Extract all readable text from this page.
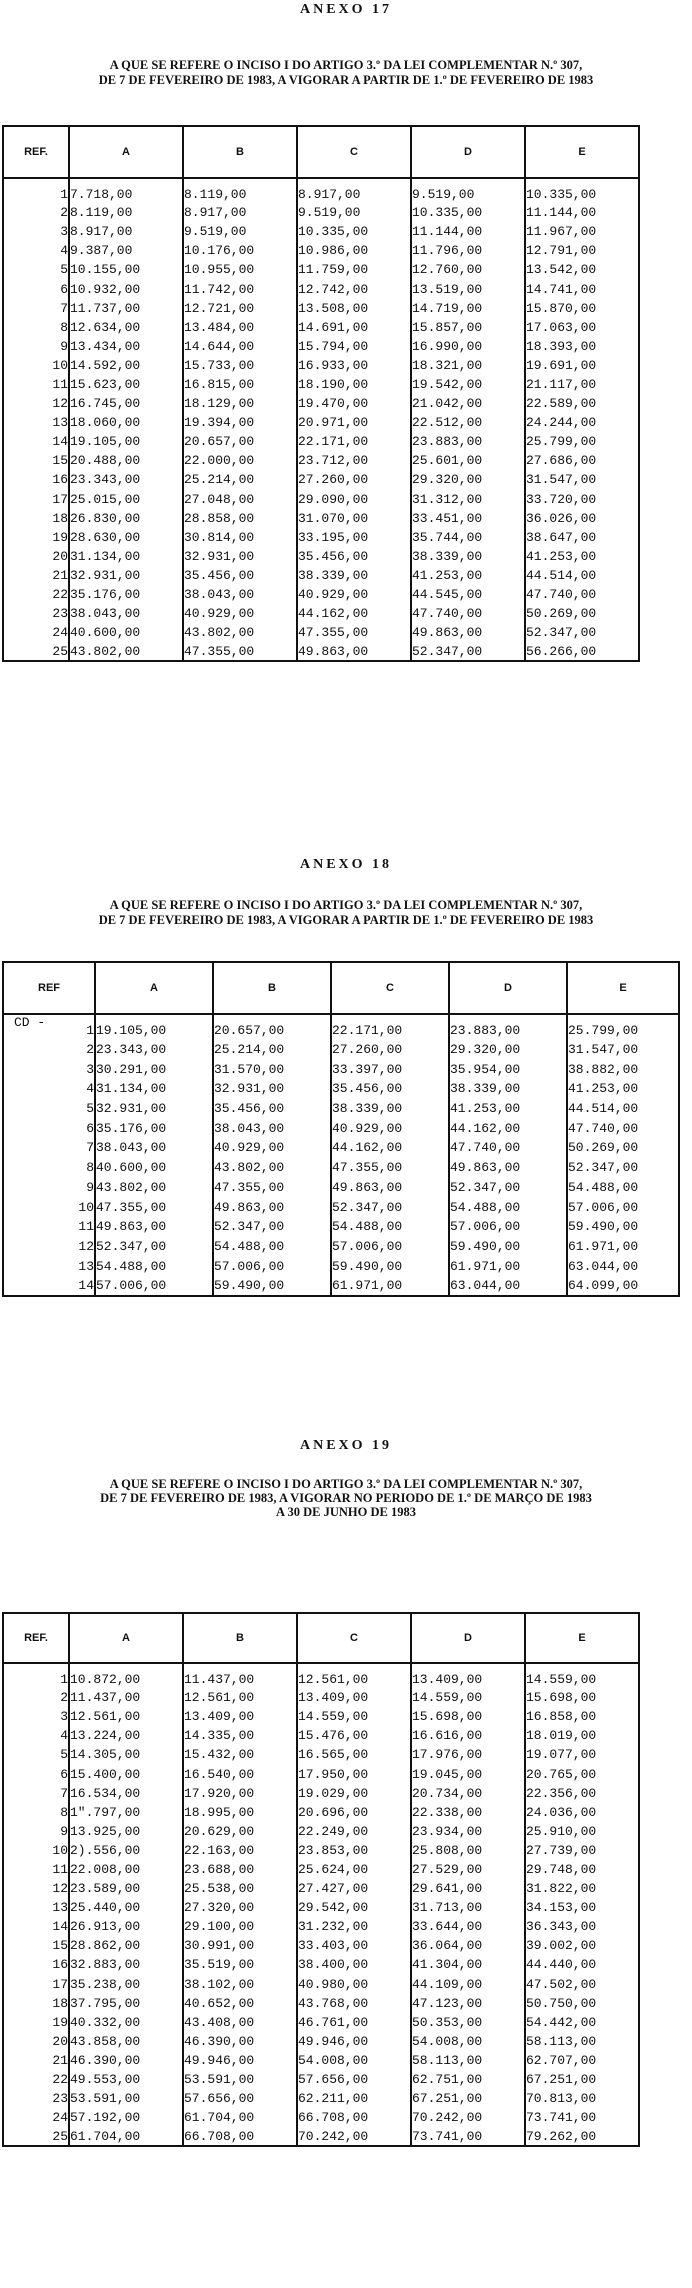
ANEXO 17

A QUE SE REFERE O INCISO I DO ARTIGO 3.º DA LEI COMPLEMENTAR N.º 307,

DE 7 DE FEVEREIRO DE 1983, A VIGORAR A PARTIR DE 1.º DE FEVEREIRO DE 1983

REF.	A	B	C	D	E
1	7.718,00	8.119,00	8.917,00	9.519,00	10.335,00
2	8.119,00	8.917,00	9.519,00	10.335,00	11.144,00
3	8.917,00	9.519,00	10.335,00	11.144,00	11.967,00
4	9.387,00	10.176,00	10.986,00	11.796,00	12.791,00
5	10.155,00	10.955,00	11.759,00	12.760,00	13.542,00
6	10.932,00	11.742,00	12.742,00	13.519,00	14.741,00
7	11.737,00	12.721,00	13.508,00	14.719,00	15.870,00
8	12.634,00	13.484,00	14.691,00	15.857,00	17.063,00
9	13.434,00	14.644,00	15.794,00	16.990,00	18.393,00
10	14.592,00	15.733,00	16.933,00	18.321,00	19.691,00
11	15.623,00	16.815,00	18.190,00	19.542,00	21.117,00
12	16.745,00	18.129,00	19.470,00	21.042,00	22.589,00
13	18.060,00	19.394,00	20.971,00	22.512,00	24.244,00
14	19.105,00	20.657,00	22.171,00	23.883,00	25.799,00
15	20.488,00	22.000,00	23.712,00	25.601,00	27.686,00
16	23.343,00	25.214,00	27.260,00	29.320,00	31.547,00
17	25.015,00	27.048,00	29.090,00	31.312,00	33.720,00
18	26.830,00	28.858,00	31.070,00	33.451,00	36.026,00
19	28.630,00	30.814,00	33.195,00	35.744,00	38.647,00
20	31.134,00	32.931,00	35.456,00	38.339,00	41.253,00
21	32.931,00	35.456,00	38.339,00	41.253,00	44.514,00
22	35.176,00	38.043,00	40.929,00	44.545,00	47.740,00
23	38.043,00	40.929,00	44.162,00	47.740,00	50.269,00
24	40.600,00	43.802,00	47.355,00	49.863,00	52.347,00
25	43.802,00	47.355,00	49.863,00	52.347,00	56.266,00

ANEXO 18

A QUE SE REFERE O INCISO I DO ARTIGO 3.º DA LEI COMPLEMENTAR N.º 307,

DE 7 DE FEVEREIRO DE 1983, A VIGORAR A PARTIR DE 1.º DE FEVEREIRO DE 1983

REF	A	B	C	D	E

CD -
1	19.105,00	20.657,00	22.171,00	23.883,00	25.799,00
2	23.343,00	25.214,00	27.260,00	29.320,00	31.547,00
3	30.291,00	31.570,00	33.397,00	35.954,00	38.882,00
4	31.134,00	32.931,00	35.456,00	38.339,00	41.253,00
5	32.931,00	35.456,00	38.339,00	41.253,00	44.514,00
6	35.176,00	38.043,00	40.929,00	44.162,00	47.740,00
7	38.043,00	40.929,00	44.162,00	47.740,00	50.269,00
8	40.600,00	43.802,00	47.355,00	49.863,00	52.347,00
9	43.802,00	47.355,00	49.863,00	52.347,00	54.488,00
10	47.355,00	49.863,00	52.347,00	54.488,00	57.006,00
11	49.863,00	52.347,00	54.488,00	57.006,00	59.490,00
12	52.347,00	54.488,00	57.006,00	59.490,00	61.971,00
13	54.488,00	57.006,00	59.490,00	61.971,00	63.044,00
14	57.006,00	59.490,00	61.971,00	63.044,00	64.099,00

ANEXO 19

A QUE SE REFERE O INCISO I DO ARTIGO 3.º DA LEI COMPLEMENTAR N.º 307,

DE 7 DE FEVEREIRO DE 1983, A VIGORAR NO PERIODO DE 1.º DE MARÇO DE 1983

A 30 DE JUNHO DE 1983

REF.	A	B	C	D	E
1	10.872,00	11.437,00	12.561,00	13.409,00	14.559,00
2	11.437,00	12.561,00	13.409,00	14.559,00	15.698,00
3	12.561,00	13.409,00	14.559,00	15.698,00	16.858,00
4	13.224,00	14.335,00	15.476,00	16.616,00	18.019,00
5	14.305,00	15.432,00	16.565,00	17.976,00	19.077,00
6	15.400,00	16.540,00	17.950,00	19.045,00	20.765,00
7	16.534,00	17.920,00	19.029,00	20.734,00	22.356,00
8	1".797,00	18.995,00	20.696,00	22.338,00	24.036,00
9	13.925,00	20.629,00	22.249,00	23.934,00	25.910,00
10	2).556,00	22.163,00	23.853,00	25.808,00	27.739,00
11	22.008,00	23.688,00	25.624,00	27.529,00	29.748,00
12	23.589,00	25.538,00	27.427,00	29.641,00	31.822,00
13	25.440,00	27.320,00	29.542,00	31.713,00	34.153,00
14	26.913,00	29.100,00	31.232,00	33.644,00	36.343,00
15	28.862,00	30.991,00	33.403,00	36.064,00	39.002,00
16	32.883,00	35.519,00	38.400,00	41.304,00	44.440,00
17	35.238,00	38.102,00	40.980,00	44.109,00	47.502,00
18	37.795,00	40.652,00	43.768,00	47.123,00	50.750,00
19	40.332,00	43.408,00	46.761,00	50.353,00	54.442,00
20	43.858,00	46.390,00	49.946,00	54.008,00	58.113,00
21	46.390,00	49.946,00	54.008,00	58.113,00	62.707,00
22	49.553,00	53.591,00	57.656,00	62.751,00	67.251,00
23	53.591,00	57.656,00	62.211,00	67.251,00	70.813,00
24	57.192,00	61.704,00	66.708,00	70.242,00	73.741,00
25	61.704,00	66.708,00	70.242,00	73.741,00	79.262,00
